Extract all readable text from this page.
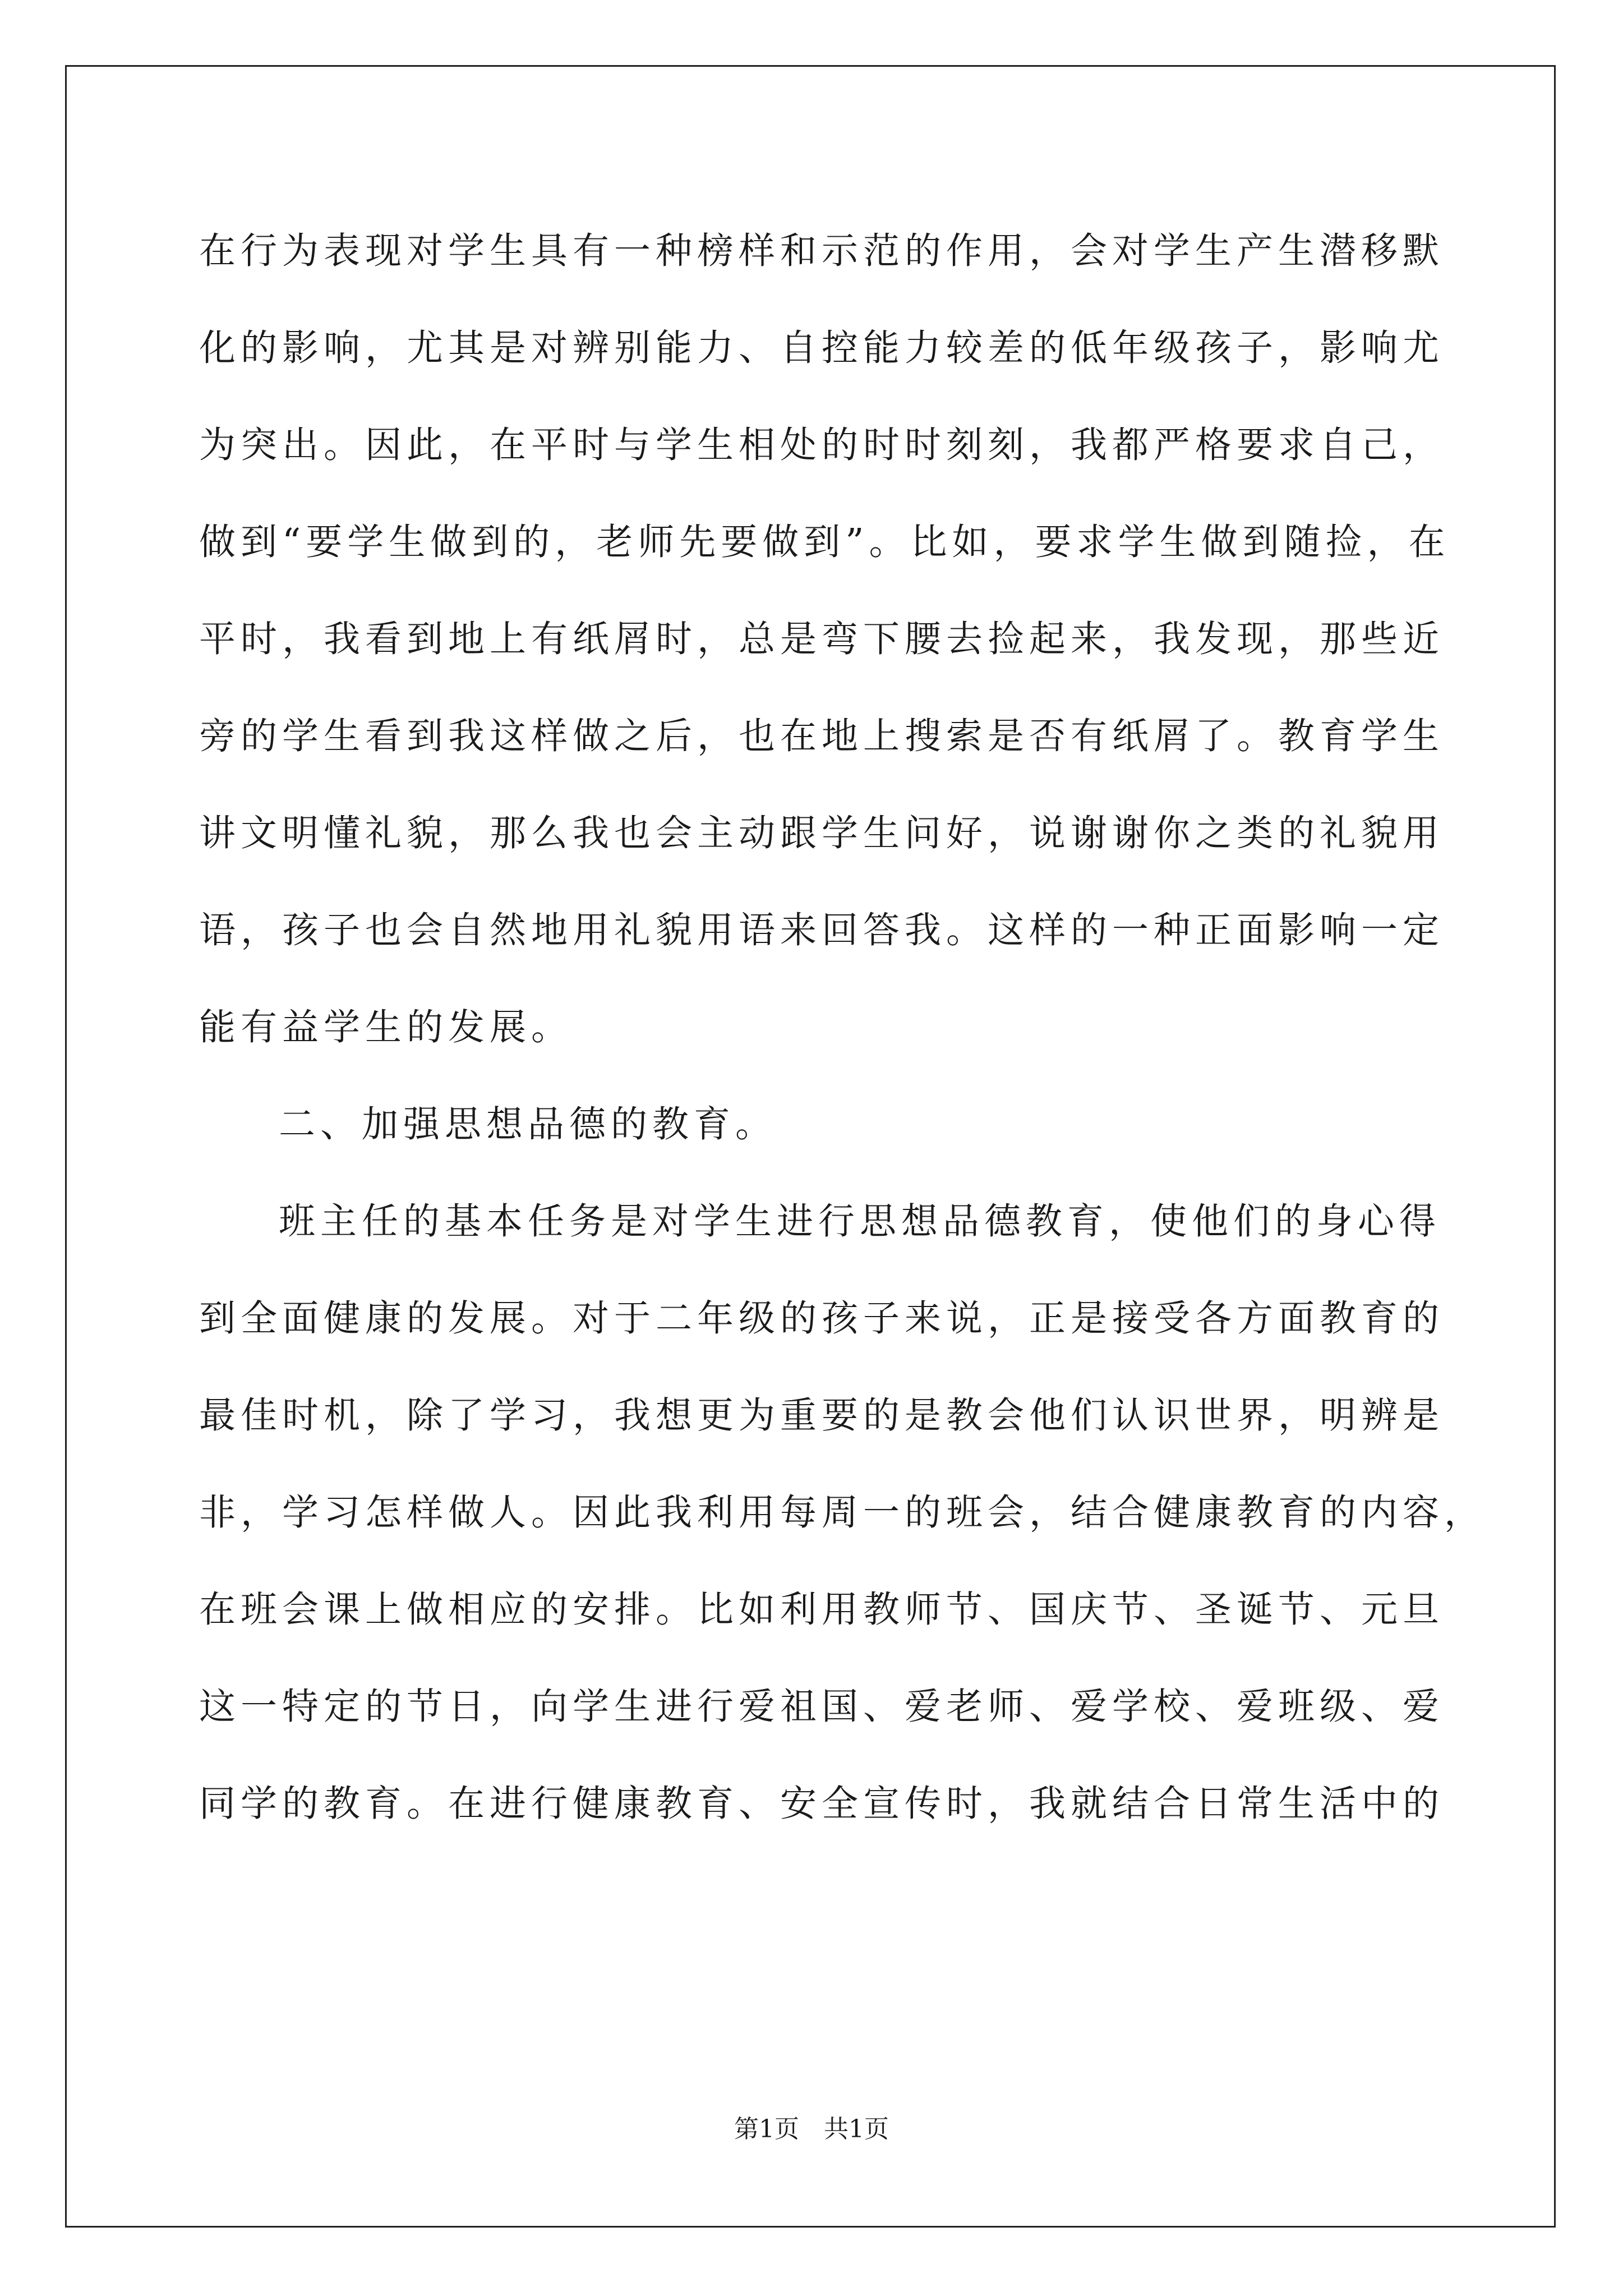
在行为表现对学生具有一种榜样和示范的作用，会对学生产生潜移默
化的影响，尤其是对辨别能力、自控能力较差的低年级孩子，影响尤
为突出。因此，在平时与学生相处的时时刻刻，我都严格要求自己，
做到“要学生做到的，老师先要做到”。比如，要求学生做到随捡，在
平时，我看到地上有纸屑时，总是弯下腰去捡起来，我发现，那些近
旁的学生看到我这样做之后，也在地上搜索是否有纸屑了。教育学生
讲文明懂礼貌，那么我也会主动跟学生问好，说谢谢你之类的礼貌用
语，孩子也会自然地用礼貌用语来回答我。这样的一种正面影响一定
能有益学生的发展。
二、加强思想品德的教育。
班主任的基本任务是对学生进行思想品德教育，使他们的身心得
到全面健康的发展。对于二年级的孩子来说，正是接受各方面教育的
最佳时机，除了学习，我想更为重要的是教会他们认识世界，明辨是
非，学习怎样做人。因此我利用每周一的班会，结合健康教育的内容，
在班会课上做相应的安排。比如利用教师节、国庆节、圣诞节、元旦
这一特定的节日，向学生进行爱祖国、爱老师、爱学校、爱班级、爱
同学的教育。在进行健康教育、安全宣传时，我就结合日常生活中的
第1页　共1页
